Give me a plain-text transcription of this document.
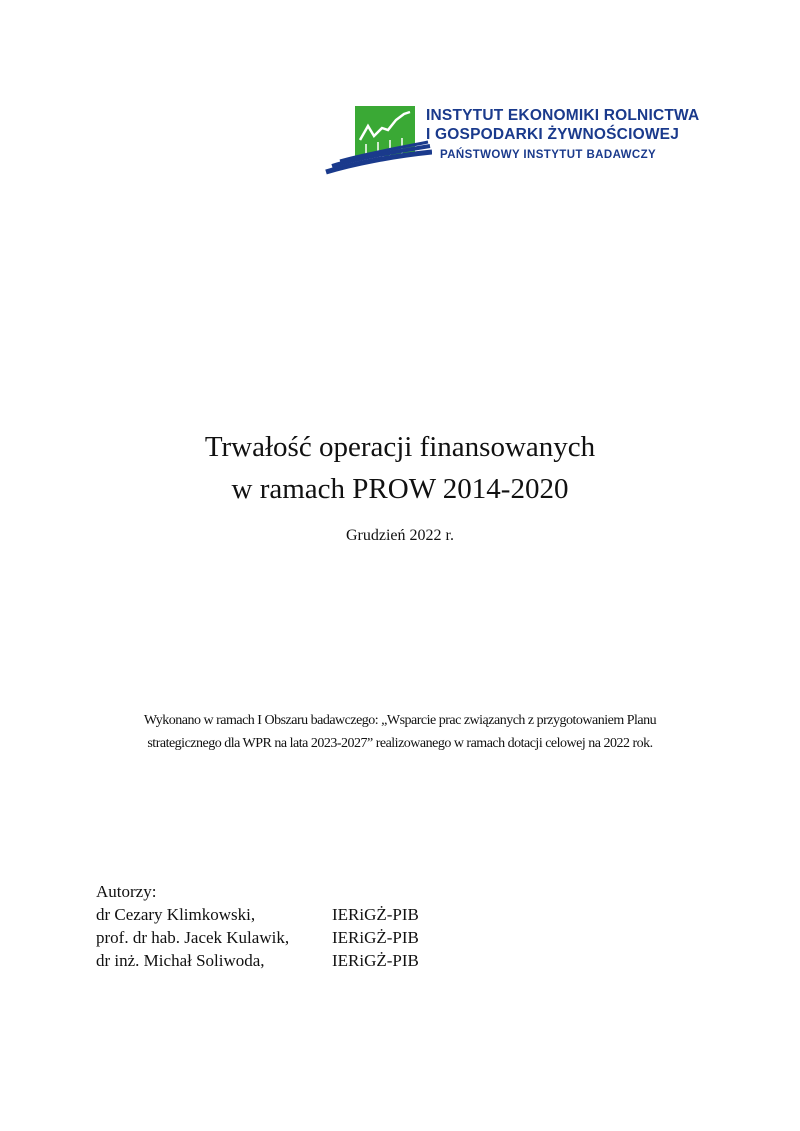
INSTYTUT EKONOMIKI ROLNICTWA
I GOSPODARKI ŻYWNOŚCIOWEJ
PAŃSTWOWY INSTYTUT BADAWCZY
Trwałość operacji finansowanych
w ramach PROW 2014-2020
Grudzień 2022 r.
Wykonano w ramach I Obszaru badawczego: „Wsparcie prac związanych z przygotowaniem Planu
strategicznego dla WPR na lata 2023-2027” realizowanego w ramach dotacji celowej na 2022 rok.
Autorzy:
dr Cezary Klimkowski,	IERiGŻ-PIB
prof. dr hab. Jacek Kulawik,	IERiGŻ-PIB
dr inż. Michał Soliwoda,	IERiGŻ-PIB
